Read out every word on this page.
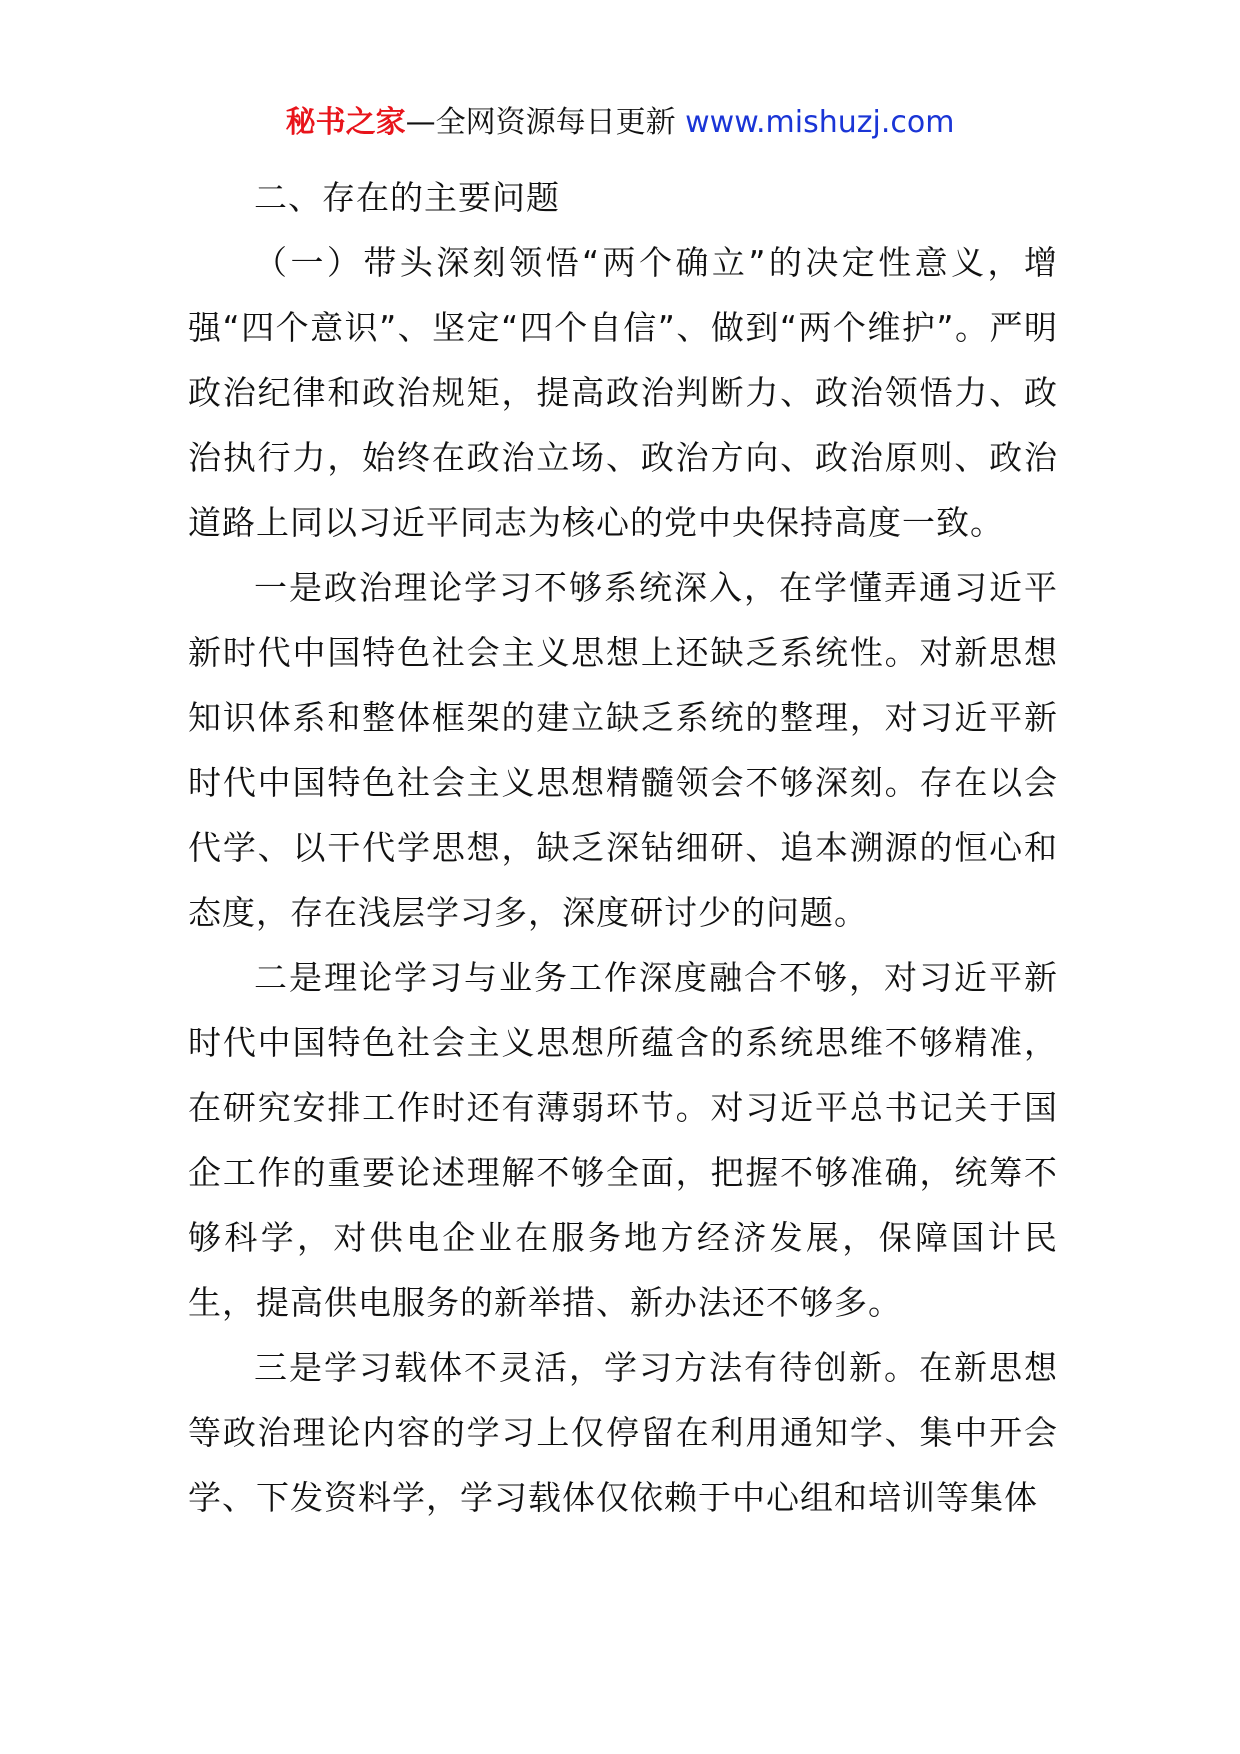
秘书之家—全网资源每日更新 www.mishuzj.com

二、存在的主要问题

（一）带头深刻领悟“两个确立”的决定性意义，增强“四个意识”、坚定“四个自信”、做到“两个维护”。严明政治纪律和政治规矩，提高政治判断力、政治领悟力、政治执行力，始终在政治立场、政治方向、政治原则、政治道路上同以习近平同志为核心的党中央保持高度一致。

一是政治理论学习不够系统深入，在学懂弄通习近平新时代中国特色社会主义思想上还缺乏系统性。对新思想知识体系和整体框架的建立缺乏系统的整理，对习近平新时代中国特色社会主义思想精髓领会不够深刻。存在以会代学、以干代学思想，缺乏深钻细研、追本溯源的恒心和态度，存在浅层学习多，深度研讨少的问题。

二是理论学习与业务工作深度融合不够，对习近平新时代中国特色社会主义思想所蕴含的系统思维不够精准，在研究安排工作时还有薄弱环节。对习近平总书记关于国企工作的重要论述理解不够全面，把握不够准确，统筹不够科学，对供电企业在服务地方经济发展，保障国计民生，提高供电服务的新举措、新办法还不够多。

三是学习载体不灵活，学习方法有待创新。在新思想等政治理论内容的学习上仅停留在利用通知学、集中开会学、下发资料学，学习载体仅依赖于中心组和培训等集体
